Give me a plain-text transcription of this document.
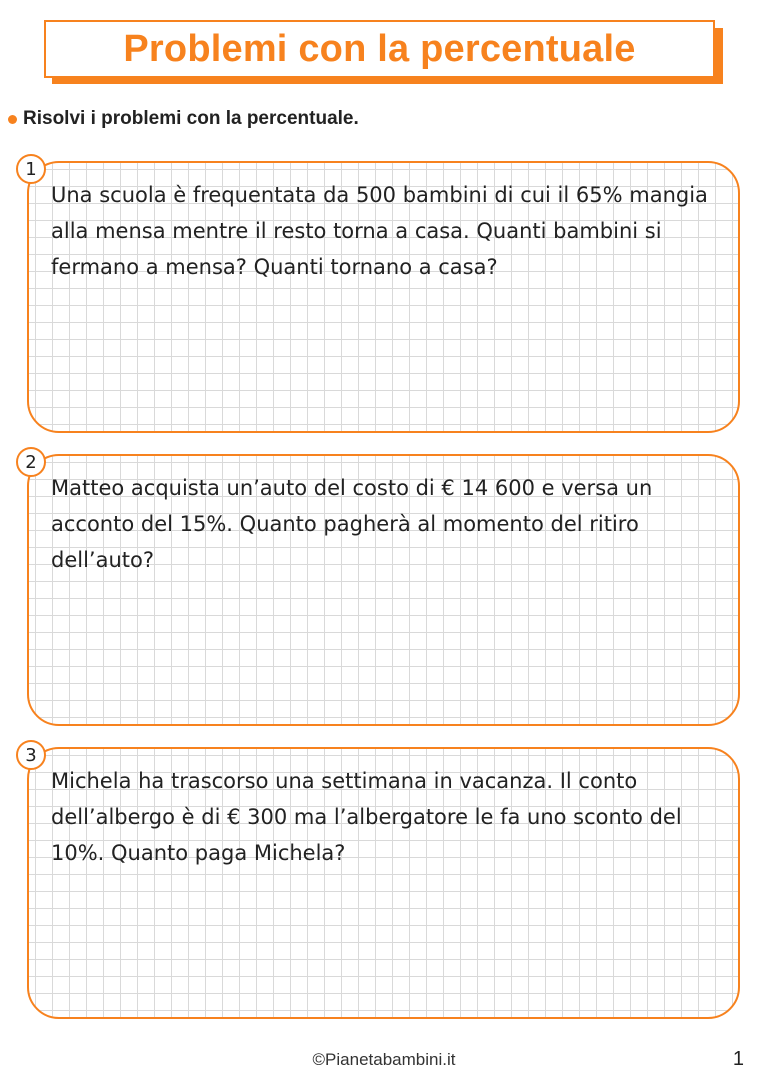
Problemi con la percentuale
Risolvi i problemi con la percentuale.
1

Una scuola è frequentata da 500 bambini di cui il 65% mangia alla mensa mentre il resto torna a casa. Quanti bambini si fermano a mensa? Quanti tornano a casa?

2

Matteo acquista un’auto del costo di € 14 600 e versa un acconto del 15%. Quanto pagherà al momento del ritiro dell’auto?

3

Michela ha trascorso una settimana in vacanza. Il conto dell’albergo è di € 300 ma l’albergatore le fa uno sconto del 10%. Quanto paga Michela?

©Pianetabambini.it	1
